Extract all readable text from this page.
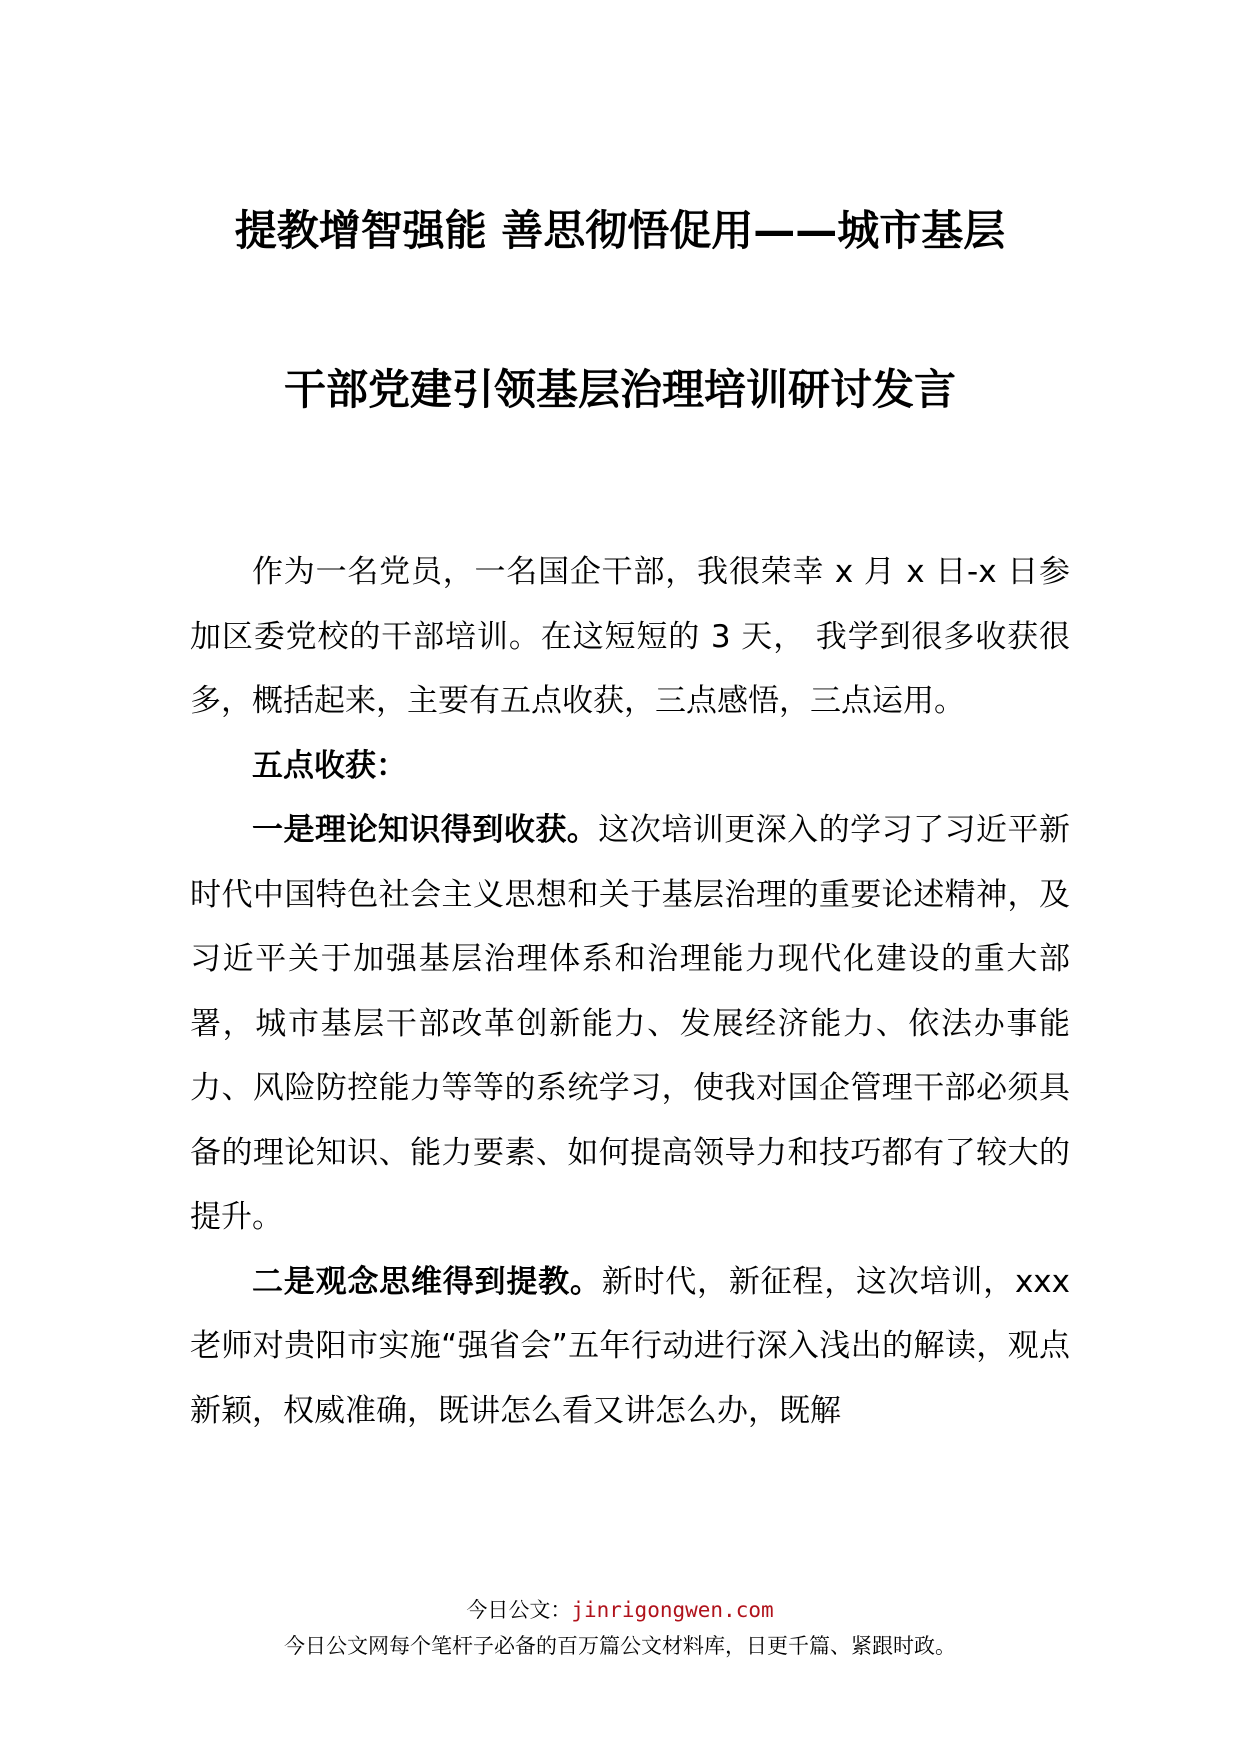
提教增智强能 善思彻悟促用——城市基层
干部党建引领基层治理培训研讨发言

作为一名党员，一名国企干部，我很荣幸 x 月 x 日-x 日参加区委党校的干部培训。在这短短的 3 天， 我学到很多收获很多，概括起来，主要有五点收获，三点感悟，三点运用。

五点收获：

一是理论知识得到收获。这次培训更深入的学习了习近平新时代中国特色社会主义思想和关于基层治理的重要论述精神，及习近平关于加强基层治理体系和治理能力现代化建设的重大部署，城市基层干部改革创新能力、发展经济能力、依法办事能力、风险防控能力等等的系统学习，使我对国企管理干部必须具备的理论知识、能力要素、如何提高领导力和技巧都有了较大的提升。

二是观念思维得到提教。新时代，新征程，这次培训，xxx 老师对贵阳市实施“强省会”五年行动进行深入浅出的解读，观点新颖，权威准确，既讲怎么看又讲怎么办，既解

今日公文：jinrigongwen.com
今日公文网每个笔杆子必备的百万篇公文材料库，日更千篇、紧跟时政。
